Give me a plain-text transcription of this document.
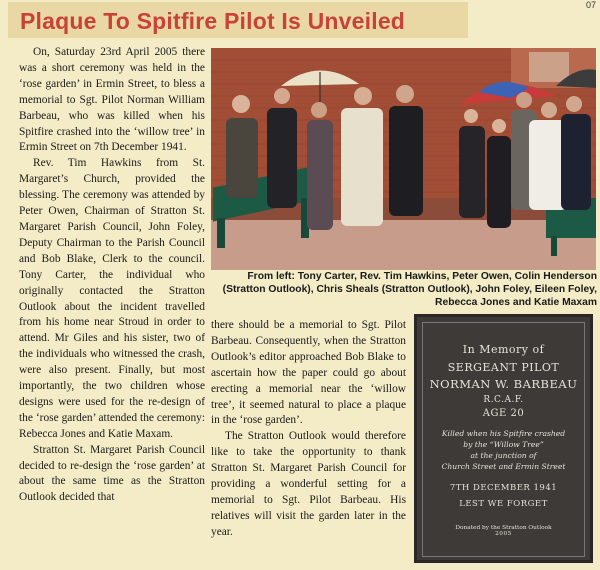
07
Plaque To Spitfire Pilot Is Unveiled

On, Saturday 23rd April 2005 there was a short ceremony was held in the ‘rose garden’ in Ermin Street, to bless a memorial to Sgt. Pilot Norman William Barbeau, who was killed when his Spitfire crashed into the ‘willow tree’ in Ermin Street on 7th December 1941.

Rev. Tim Hawkins from St. Margaret’s Church, provided the blessing. The ceremony was attended by Peter Owen, Chairman of Stratton St. Margaret Parish Council, John Foley, Deputy Chairman to the Parish Council and Bob Blake, Clerk to the council. Tony Carter, the individual who originally contacted the Stratton Outlook about the incident travelled from his home near Stroud in order to attend. Mr Giles and his sister, two of the individuals who witnessed the crash, were also present. Finally, but most importantly, the two children whose designs were used for the re-design of the ‘rose garden’ attended the ceremony: Rebecca Jones and Katie Maxam.

Stratton St. Margaret Parish Council decided to re-design the ‘rose garden’ at about the same time as the Stratton Outlook decided that

From left: Tony Carter, Rev. Tim Hawkins, Peter Owen, Colin Henderson (Stratton Outlook), Chris Sheals (Stratton Outlook), John Foley, Eileen Foley, Rebecca Jones and Katie Maxam

there should be a memorial to Sgt. Pilot Barbeau. Consequently, when the Stratton Outlook’s editor approached Bob Blake to ascertain how the paper could go about erecting a memorial near the ‘willow tree’, it seemed natural to place a plaque in the ‘rose garden’.

The Stratton Outlook would therefore like to take the opportunity to thank Stratton St. Margaret Parish Council for providing a wonderful setting for a memorial to Sgt. Pilot Barbeau. His relatives will visit the garden later in the year.

In Memory of
SERGEANT PILOT
NORMAN W. BARBEAU
R.C.A.F.
AGE 20
Killed when his Spitfire crashed
by the “Willow Tree”
at the junction of
Church Street and Ermin Street
7TH DECEMBER 1941
LEST WE FORGET
Donated by the Stratton Outlook
2005
